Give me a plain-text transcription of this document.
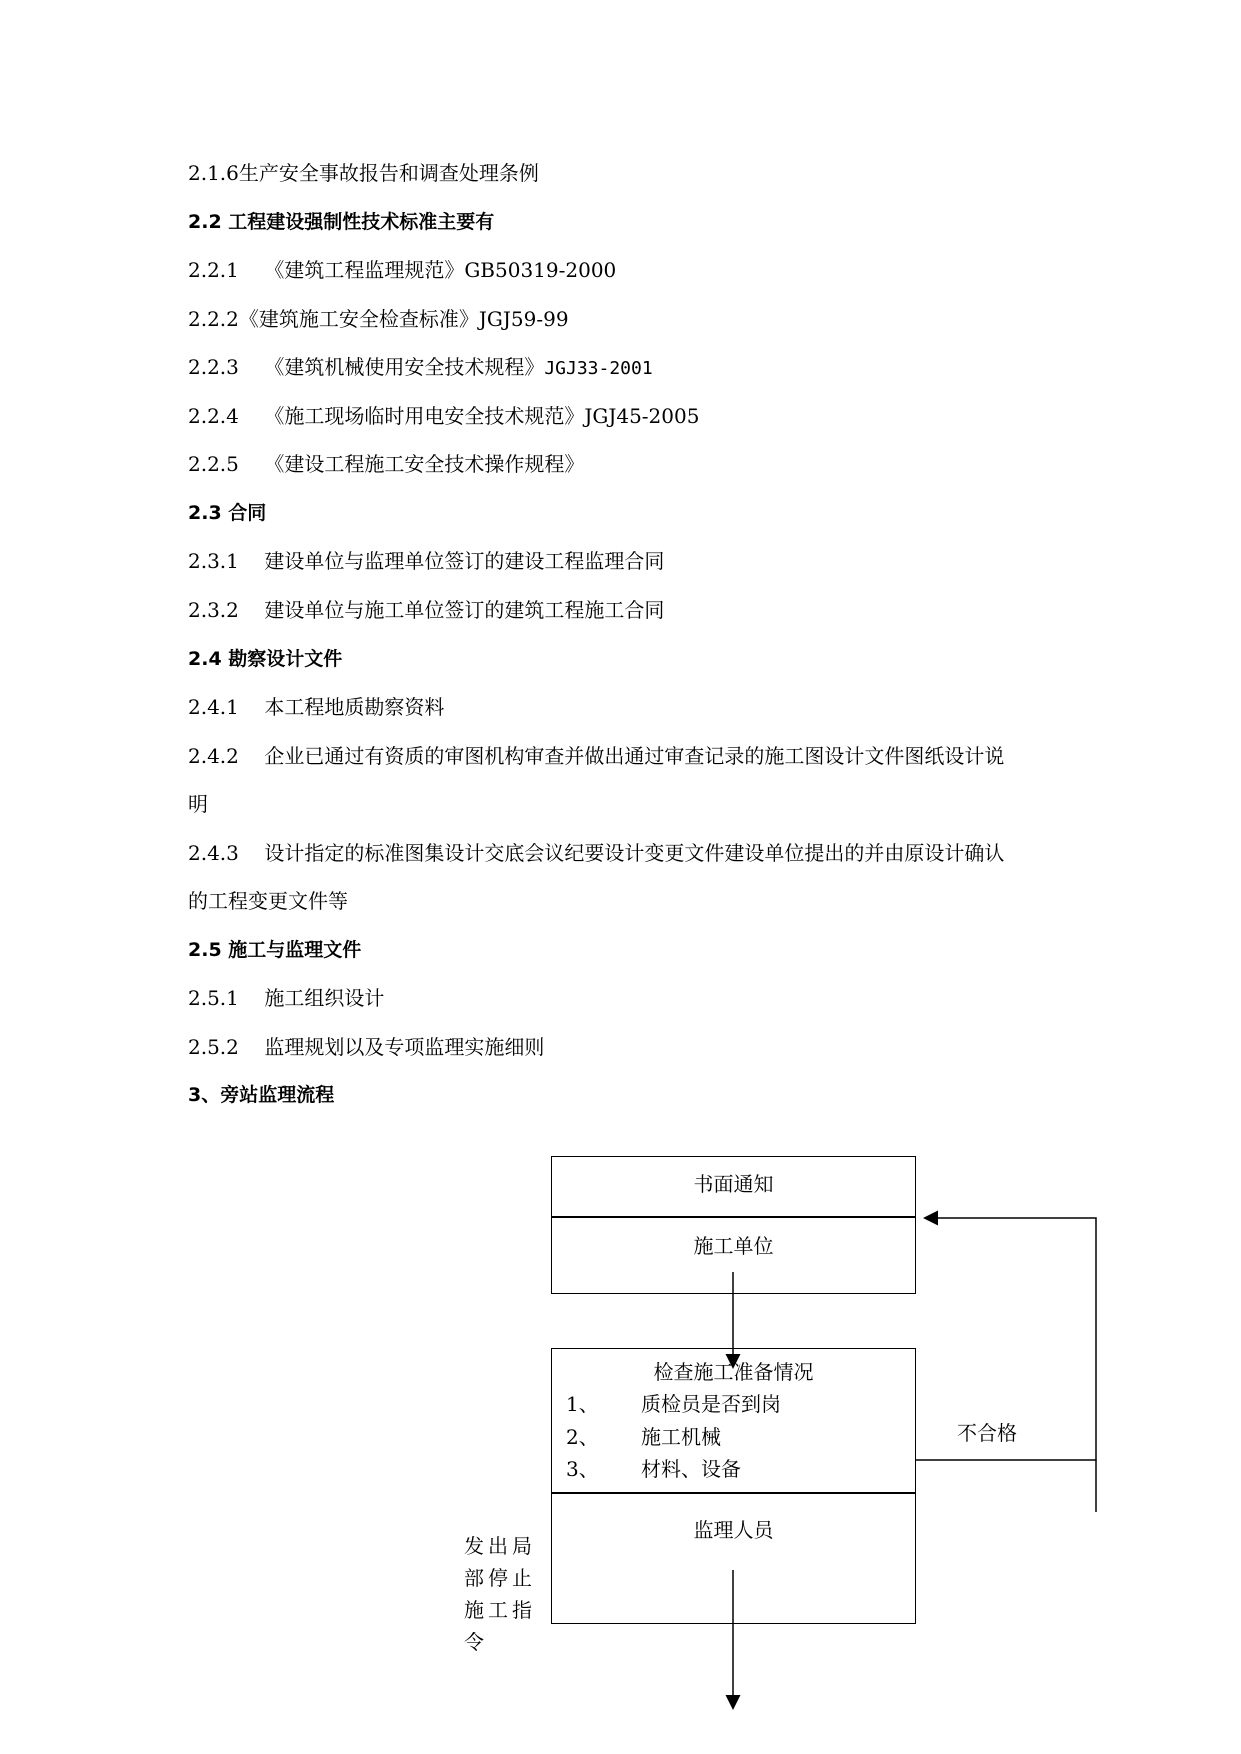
2.1.6生产安全事故报告和调查处理条例
2.2 工程建设强制性技术标准主要有
2.2.1 《建筑工程监理规范》GB50319-2000
2.2.2《建筑施工安全检查标准》JGJ59-99
2.2.3 《建筑机械使用安全技术规程》JGJ33-2001
2.2.4 《施工现场临时用电安全技术规范》JGJ45-2005
2.2.5 《建设工程施工安全技术操作规程》
2.3 合同
2.3.1 建设单位与监理单位签订的建设工程监理合同
2.3.2 建设单位与施工单位签订的建筑工程施工合同
2.4 勘察设计文件
2.4.1 本工程地质勘察资料
2.4.2 企业已通过有资质的审图机构审查并做出通过审查记录的施工图设计文件图纸设计说
明
2.4.3 设计指定的标准图集设计交底会议纪要设计变更文件建设单位提出的并由原设计确认
的工程变更文件等
2.5 施工与监理文件
2.5.1 施工组织设计
2.5.2 监理规划以及专项监理实施细则
3、旁站监理流程
书面通知
施工单位
检查施工准备情况
1、 质检员是否到岗
2、 施工机械
3、 材料、设备
监理人员
不合格
发出局
部停止
施工指
令
